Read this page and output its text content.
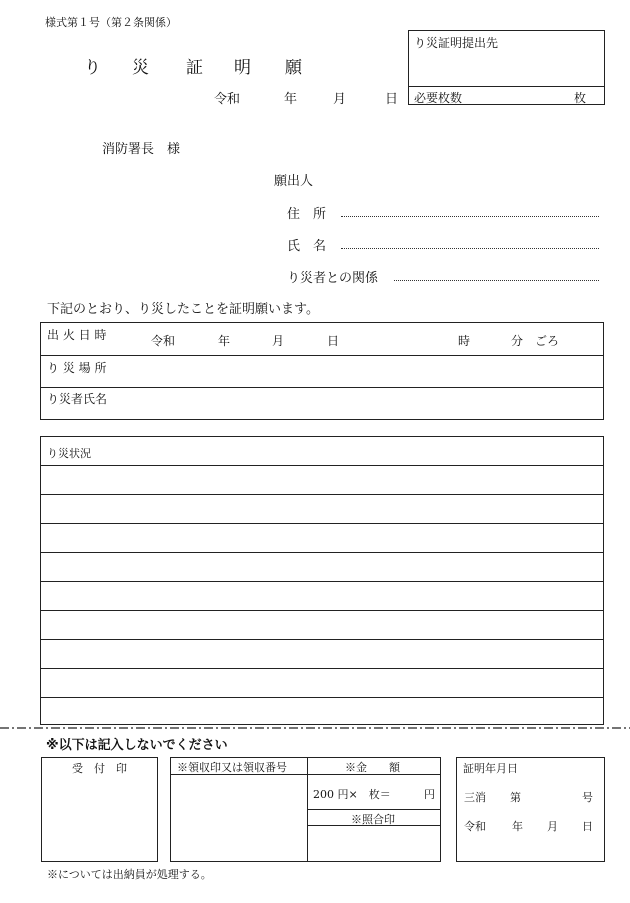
様式第１号（第２条関係）
り 災 証 明 願
令和	年	月	日
り災証明提出先
必要枚数	枚
消防署長　様
願出人
住　所
氏　名
り災者との関係
下記のとおり、り災したことを証明願います。
出 火 日 時	令和	年	月	日	時	分　ごろ
り 災 場 所
り災者氏名
り災状況
※以下は記入しないでください
受　付　印	※領収印又は領収番号	※金　　額
200 円×　枚＝	円
※照合印
証明年月日
三消 第	号
令和 年 月 日
※については出納員が処理する。
